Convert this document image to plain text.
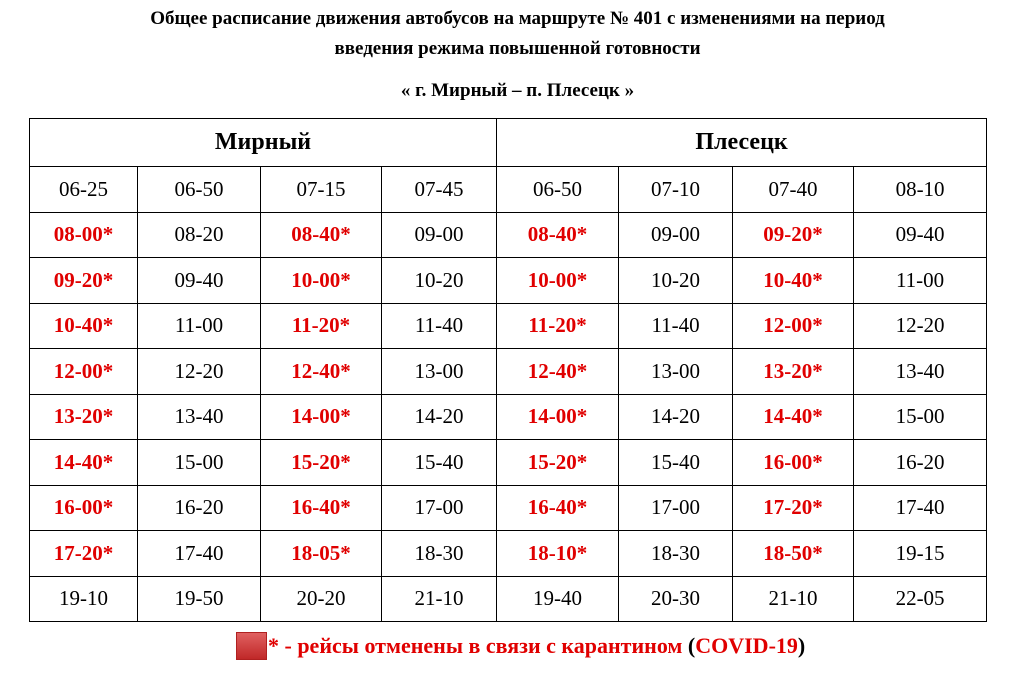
Общее расписание движения автобусов на маршруте № 401 с изменениями на период
введения режима повышенной готовности
« г. Мирный – п. Плесецк »
Мирный				Плесецк			
06-25	06-50	07-15	07-45	06-50	07-10	07-40	08-10
08-00*	08-20	08-40*	09-00	08-40*	09-00	09-20*	09-40
09-20*	09-40	10-00*	10-20	10-00*	10-20	10-40*	11-00
10-40*	11-00	11-20*	11-40	11-20*	11-40	12-00*	12-20
12-00*	12-20	12-40*	13-00	12-40*	13-00	13-20*	13-40
13-20*	13-40	14-00*	14-20	14-00*	14-20	14-40*	15-00
14-40*	15-00	15-20*	15-40	15-20*	15-40	16-00*	16-20
16-00*	16-20	16-40*	17-00	16-40*	17-00	17-20*	17-40
17-20*	17-40	18-05*	18-30	18-10*	18-30	18-50*	19-15
19-10	19-50	20-20	21-10	19-40	20-30	21-10	22-05
* - рейсы отменены в связи с карантином (COVID-19)
